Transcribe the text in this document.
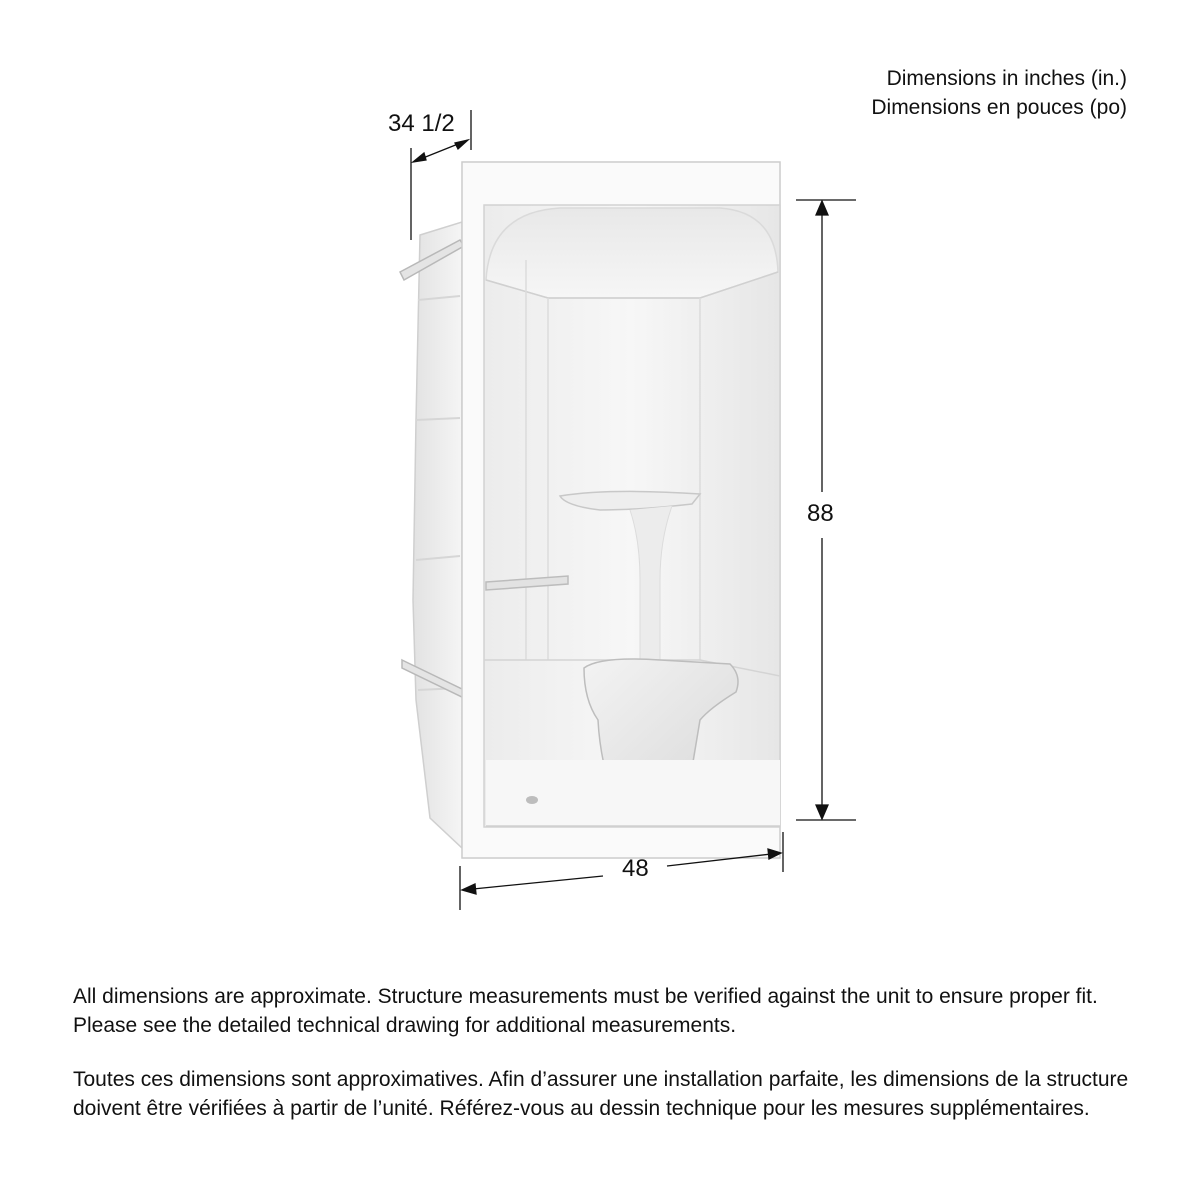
Dimensions in inches (in.)
Dimensions en pouces (po)
34 1/2
88
48

All dimensions are approximate. Structure measurements must be verified against the unit to ensure proper fit. Please see the detailed technical drawing for additional measurements.

Toutes ces dimensions sont approximatives. Afin d’assurer une installation parfaite, les dimensions de la structure doivent être vérifiées à partir de l’unité. Référez-vous au dessin technique pour les mesures supplémentaires.
